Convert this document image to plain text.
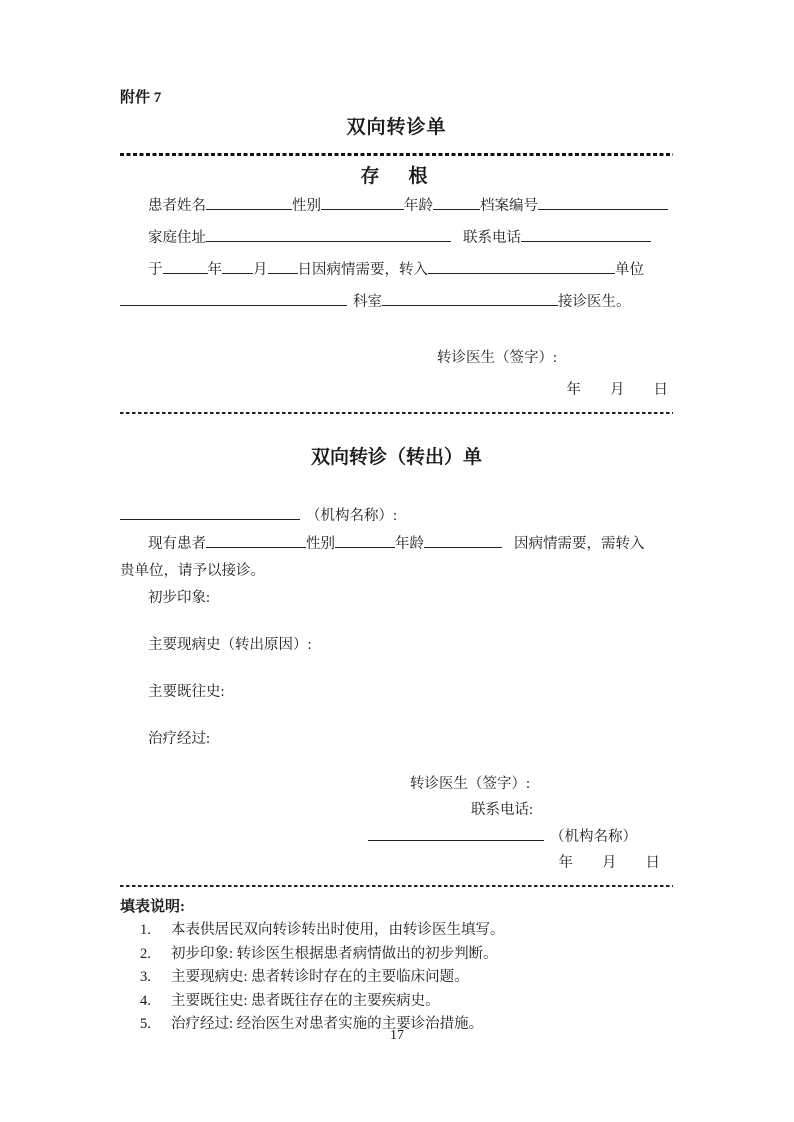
附件 7
双向转诊单
存　根
患者姓名	性别	年龄	档案编号
家庭住址	联系电话
于	年 月 日因病情需要，转入	单位
科室	接诊医生。
转诊医生（签字）:
年　　月　　日
双向转诊（转出）单
（机构名称）:
现有患者	性别	年龄	因病情需要，需转入
贵单位，请予以接诊。
初步印象:
主要现病史（转出原因）:
主要既往史:
治疗经过:
转诊医生（签字）:
联系电话:
（机构名称）
年　　月　　日
填表说明:
1.	本表供居民双向转诊转出时使用，由转诊医生填写。
2.	初步印象: 转诊医生根据患者病情做出的初步判断。
3.	主要现病史: 患者转诊时存在的主要临床问题。
4.	主要既往史: 患者既往存在的主要疾病史。
5.	治疗经过: 经治医生对患者实施的主要诊治措施。
17
